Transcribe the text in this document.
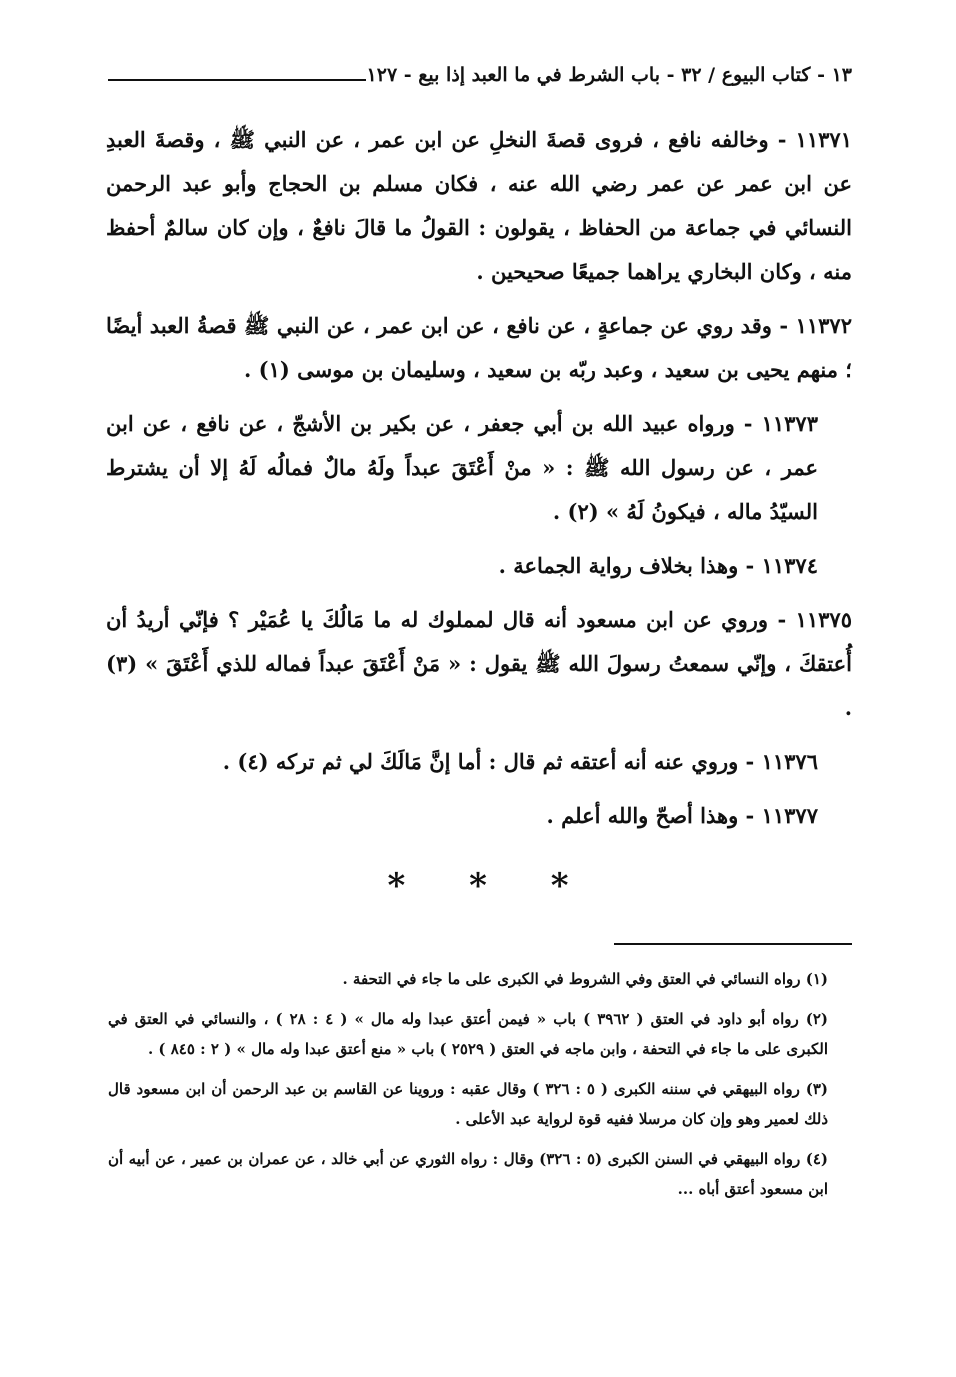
١٣ - كتاب البيوع / ٣٢ - باب الشرط في ما العبد إذا بيع - ١٢٧

١١٣٧١ - وخالفه نافع ، فروى قصةَ النخلِ عن ابن عمر ، عن النبي ﷺ ، وقصةَ العبدِ عن ابن عمر عن عمر رضي الله عنه ، فكان مسلم بن الحجاج وأبو عبد الرحمن النسائي في جماعة من الحفاظ ، يقولون : القولُ ما قالَ نافعٌ ، وإن كان سالمٌ أحفظ منه ، وكان البخاري يراهما جميعًا صحيحين .

١١٣٧٢ - وقد روي عن جماعةٍ ، عن نافع ، عن ابن عمر ، عن النبي ﷺ قصةُ العبد أيضًا ؛ منهم يحيى بن سعيد ، وعبد ربّه بن سعيد ، وسليمان بن موسى (١) .

١١٣٧٣ - ورواه عبيد الله بن أبي جعفر ، عن بكير بن الأشجّ ، عن نافع ، عن ابن عمر ، عن رسول الله ﷺ : « منْ أَعْتَقَ عبداً ولَهُ مالٌ فمالُه لَهُ إلا أن يشترط السيّدُ ماله ، فيكونُ لَهُ » (٢) .

١١٣٧٤ - وهذا بخلاف رواية الجماعة .

١١٣٧٥ - وروي عن ابن مسعود أنه قال لمملوك له ما مَالُكَ يا عُمَيْر ؟ فإنّي أريدُ أن أُعتقكَ ، وإنّي سمعتُ رسولَ الله ﷺ يقول : « مَنْ أَعْتَقَ عبداً فماله للذي أَعْتَقَ » (٣) .

١١٣٧٦ - وروي عنه أنه أعتقه ثم قال : أما إنَّ مَالَكَ لي ثم تركه (٤) .

١١٣٧٧ - وهذا أصحّ والله أعلم .

* * *

(١) رواه النسائي في العتق وفي الشروط في الكبرى على ما جاء في التحفة .

(٢) رواه أبو داود في العتق ( ٣٩٦٢ ) باب « فيمن أعتق عبدا وله مال » ( ٤ : ٢٨ ) ، والنسائي في العتق في الكبرى على ما جاء في التحفة ، وابن ماجه في العتق ( ٢٥٢٩ ) باب « منع أعتق عبدا وله مال » ( ٢ : ٨٤٥ ) .

(٣) رواه البيهقي في سننه الكبرى ( ٥ : ٣٢٦ ) وقال عقبه : وروينا عن القاسم بن عبد الرحمن أن ابن مسعود قال ذلك لعمير وهو وإن كان مرسلا ففيه قوة لرواية عبد الأعلى .

(٤) رواه البيهقي في السنن الكبرى (٥ : ٣٢٦) وقال : رواه الثوري عن أبي خالد ، عن عمران بن عمير ، عن أبيه أن ابن مسعود أعتق أباه ...
